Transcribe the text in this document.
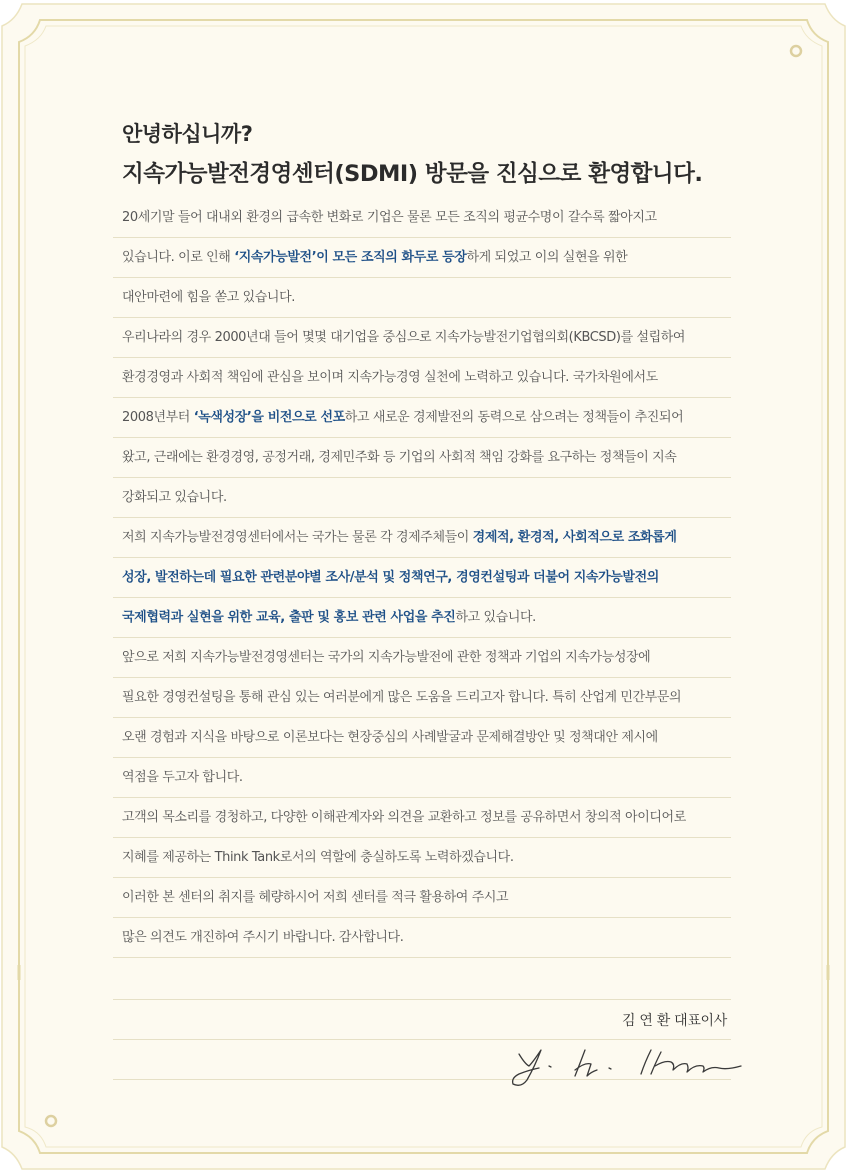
안녕하십니까?
지속가능발전경영센터(SDMI) 방문을 진심으로 환영합니다.
20세기말 들어 대내외 환경의 급속한 변화로 기업은 물론 모든 조직의 평균수명이 갈수록 짧아지고
있습니다. 이로 인해 ‘지속가능발전’이 모든 조직의 화두로 등장하게 되었고 이의 실현을 위한
대안마련에 힘을 쏟고 있습니다.
우리나라의 경우 2000년대 들어 몇몇 대기업을 중심으로 지속가능발전기업협의회(KBCSD)를 설립하여
환경경영과 사회적 책임에 관심을 보이며 지속가능경영 실천에 노력하고 있습니다. 국가차원에서도
2008년부터 ‘녹색성장’을 비전으로 선포하고 새로운 경제발전의 동력으로 삼으려는 정책들이 추진되어
왔고, 근래에는 환경경영, 공정거래, 경제민주화 등 기업의 사회적 책임 강화를 요구하는 정책들이 지속
강화되고 있습니다.
저희 지속가능발전경영센터에서는 국가는 물론 각 경제주체들이 경제적, 환경적, 사회적으로 조화롭게
성장, 발전하는데 필요한 관련분야별 조사/분석 및 정책연구, 경영컨설팅과 더불어 지속가능발전의
국제협력과 실현을 위한 교육, 출판 및 홍보 관련 사업을 추진하고 있습니다.
앞으로 저희 지속가능발전경영센터는 국가의 지속가능발전에 관한 정책과 기업의 지속가능성장에
필요한 경영컨설팅을 통해 관심 있는 여러분에게 많은 도움을 드리고자 합니다. 특히 산업계 민간부문의
오랜 경험과 지식을 바탕으로 이론보다는 현장중심의 사례발굴과 문제해결방안 및 정책대안 제시에
역점을 두고자 합니다.
고객의 목소리를 경청하고, 다양한 이해관계자와 의견을 교환하고 정보를 공유하면서 창의적 아이디어로
지혜를 제공하는 Think Tank로서의 역할에 충실하도록 노력하겠습니다.
이러한 본 센터의 취지를 헤량하시어 저희 센터를 적극 활용하여 주시고
많은 의견도 개진하여 주시기 바랍니다. 감사합니다.
김 연 환 대표이사
